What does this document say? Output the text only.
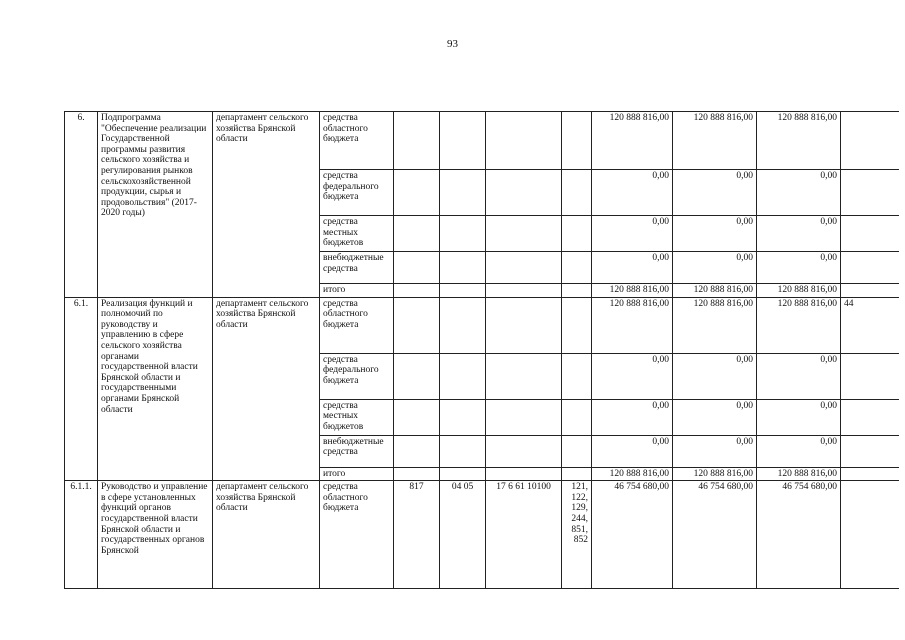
93
6.	Подпрограмма "Обеспечение реализации Государственной программы развития сельского хозяйства и регулирования рынков сельскохозяйственной продукции, сырья и продовольствия" (2017-2020 годы)	департамент сельского хозяйства Брянской области	средства областного бюджета					120 888 816,00	120 888 816,00	120 888 816,00	
			средства федерального бюджета					0,00	0,00	0,00	
			средства местных бюджетов					0,00	0,00	0,00	
			внебюджетные средства					0,00	0,00	0,00	
			итого					120 888 816,00	120 888 816,00	120 888 816,00	
6.1.	Реализация функций и полномочий по руководству и управлению в сфере сельского хозяйства органами государственной власти Брянской области и государственными органами Брянской области	департамент сельского хозяйства Брянской области	средства областного бюджета					120 888 816,00	120 888 816,00	120 888 816,00	44
			средства федерального бюджета					0,00	0,00	0,00	
			средства местных бюджетов					0,00	0,00	0,00	
			внебюджетные средства					0,00	0,00	0,00	
			итого					120 888 816,00	120 888 816,00	120 888 816,00	
6.1.1.	Руководство и управление в сфере установленных функций органов государственной власти Брянской области и государственных органов Брянской	департамент сельского хозяйства Брянской области	средства областного бюджета	817	04 05	17 6 61 10100	121, 122, 129, 244, 851, 852	46 754 680,00	46 754 680,00	46 754 680,00	
